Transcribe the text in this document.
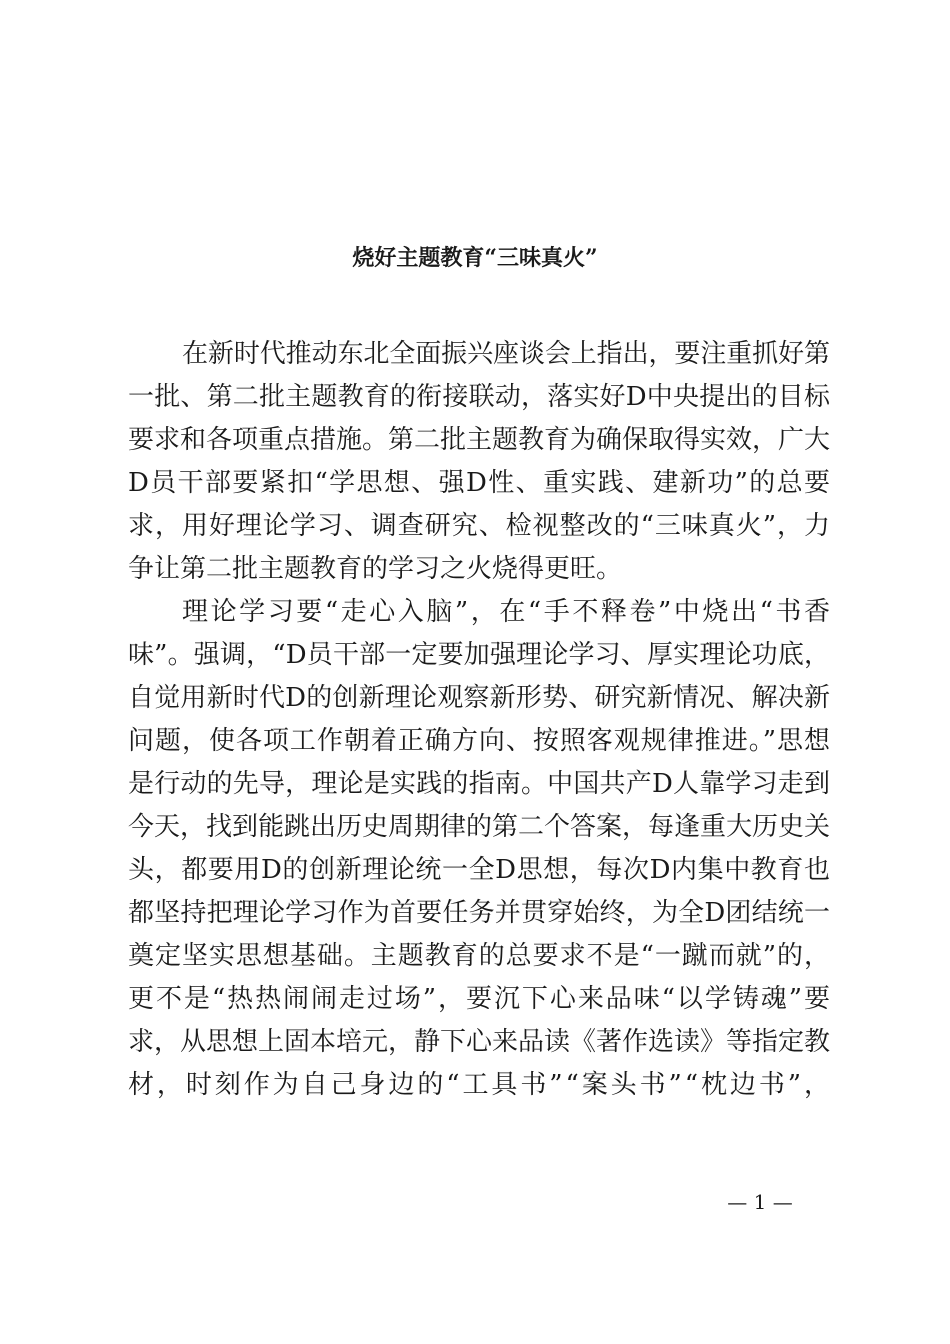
烧好主题教育“三味真火”
在新时代推动东北全面振兴座谈会上指出，要注重抓好第
一批、第二批主题教育的衔接联动，落实好D中央提出的目标
要求和各项重点措施。第二批主题教育为确保取得实效，广大
D员干部要紧扣“学思想、强D性、重实践、建新功”的总要
求，用好理论学习、调查研究、检视整改的“三味真火”，力
争让第二批主题教育的学习之火烧得更旺。
理论学习要“走心入脑”，在“手不释卷”中烧出“书香
味”。强调，“D员干部一定要加强理论学习、厚实理论功底，
自觉用新时代D的创新理论观察新形势、研究新情况、解决新
问题，使各项工作朝着正确方向、按照客观规律推进。”思想
是行动的先导，理论是实践的指南。中国共产D人靠学习走到
今天，找到能跳出历史周期律的第二个答案，每逢重大历史关
头，都要用D的创新理论统一全D思想，每次D内集中教育也
都坚持把理论学习作为首要任务并贯穿始终，为全D团结统一
奠定坚实思想基础。主题教育的总要求不是“一蹴而就”的，
更不是“热热闹闹走过场”，要沉下心来品味“以学铸魂”要
求，从思想上固本培元，静下心来品读《著作选读》等指定教
材，时刻作为自己身边的“工具书”“案头书”“枕边书”，
— 1 —
